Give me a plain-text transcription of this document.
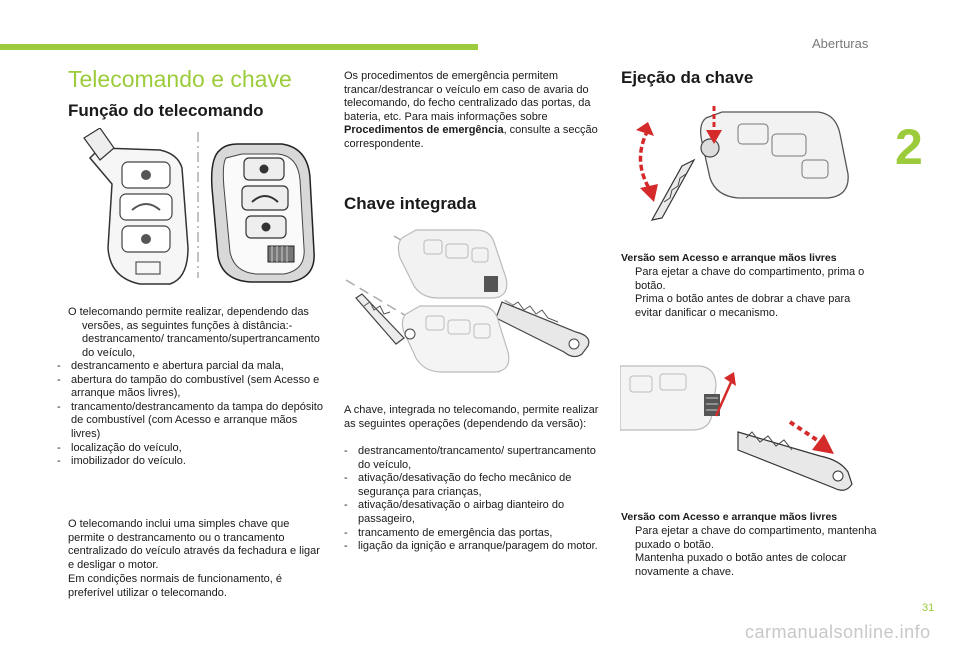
Aberturas
2
31
carmanualsonline.info
Telecomando e chave
Função do telecomando
O telecomando permite realizar, dependendo das versões, as seguintes funções à distância:- destrancamento/ trancamento/supertrancamento do veículo,
- destrancamento e abertura parcial da mala,
- abertura do tampão do combustível (sem Acesso e arranque mãos livres),
- trancamento/destrancamento da tampa do depósito de combustível (com Acesso e arranque mãos livres)
- localização do veículo,
- imobilizador do veículo.
O telecomando inclui uma simples chave que permite o destrancamento ou o trancamento centralizado do veículo através da fechadura e ligar e desligar o motor.
Em condições normais de funcionamento, é preferível utilizar o telecomando.
Os procedimentos de emergência permitem trancar/destrancar o veículo em caso de avaria do telecomando, do fecho centralizado das portas, da bateria, etc. Para mais informações sobre Procedimentos de emergência, consulte a secção correspondente.
Chave integrada
A chave, integrada no telecomando, permite realizar as seguintes operações (dependendo da versão):
- destrancamento/trancamento/ supertrancamento do veículo,
- ativação/desativação do fecho mecânico de segurança para crianças,
- ativação/desativação o airbag dianteiro do passageiro,
- trancamento de emergência das portas,
- ligação da ignição e arranque/paragem do motor.
Ejeção da chave
Versão sem Acesso e arranque mãos livres
Para ejetar a chave do compartimento, prima o botão.
Prima o botão antes de dobrar a chave para evitar danificar o mecanismo.
Versão com Acesso e arranque mãos livres
Para ejetar a chave do compartimento, mantenha puxado o botão.
Mantenha puxado o botão antes de colocar novamente a chave.
